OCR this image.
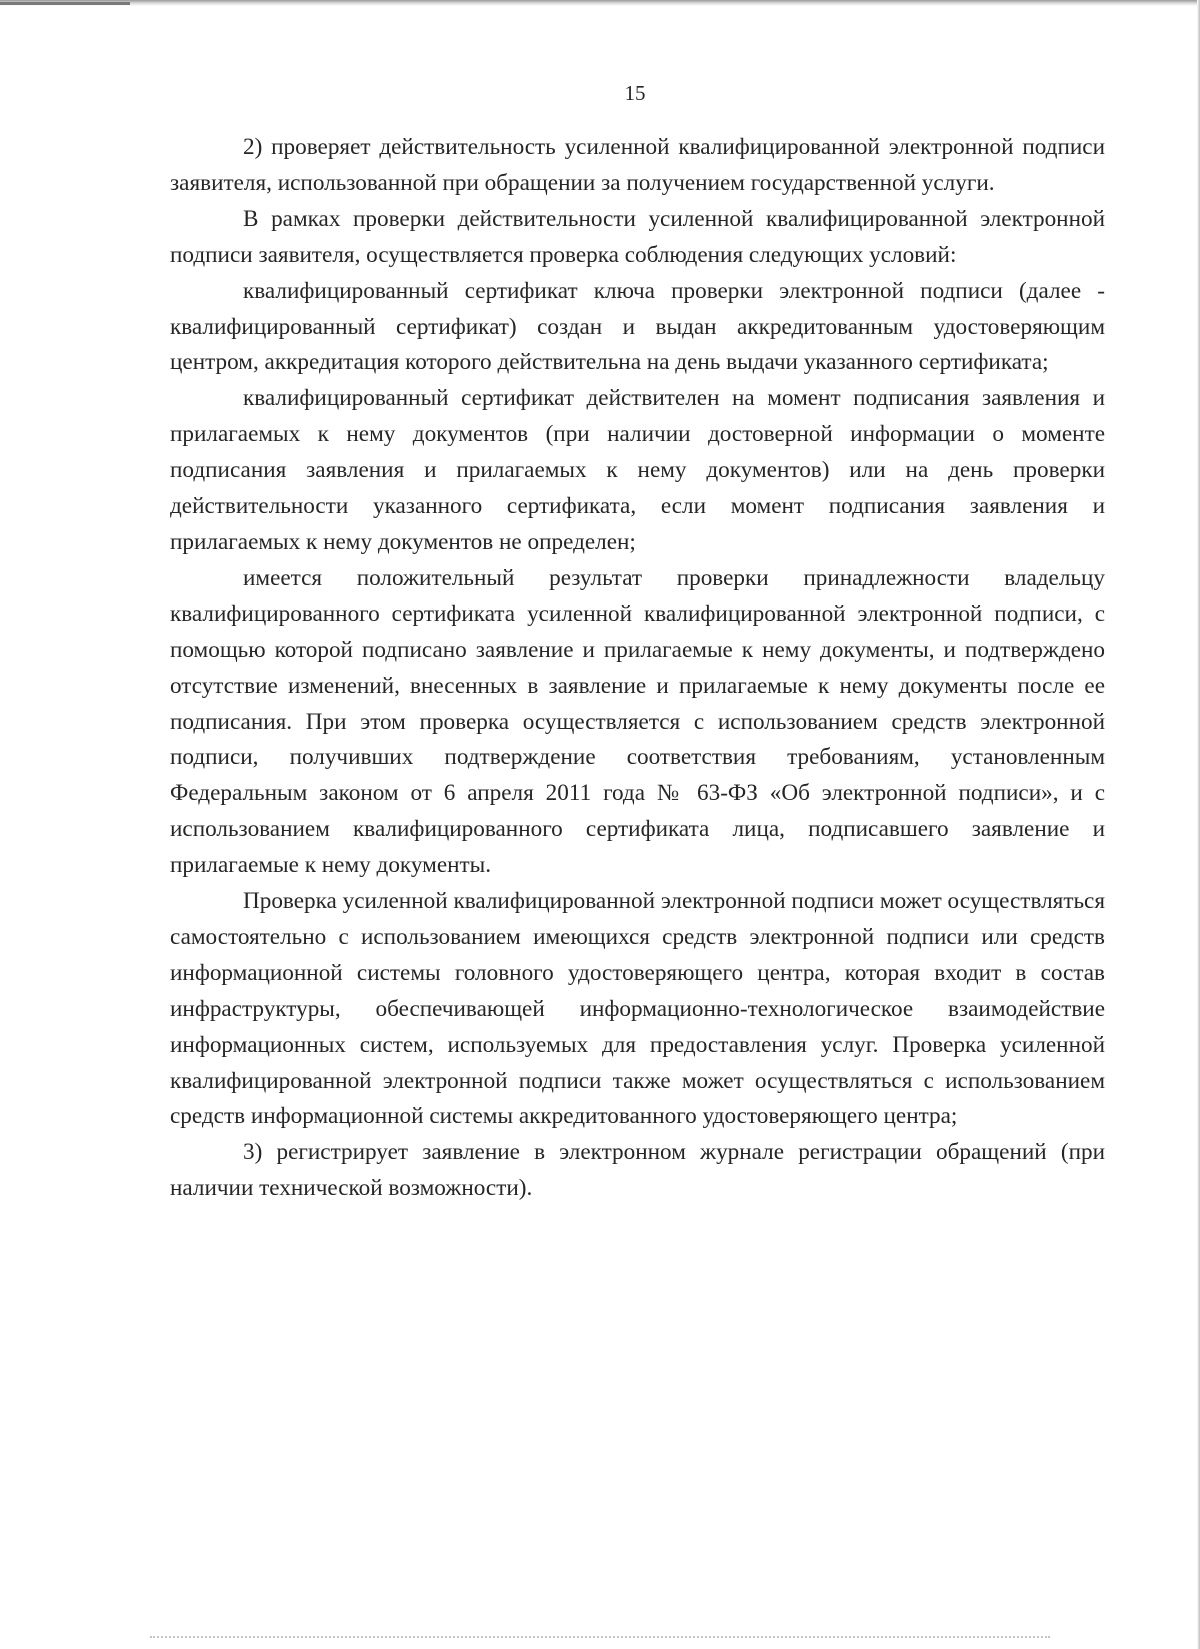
15

2) проверяет действительность усиленной квалифицированной электронной подписи заявителя, использованной при обращении за получением государственной услуги.

В рамках проверки действительности усиленной квалифицированной электронной подписи заявителя, осуществляется проверка соблюдения следующих условий:

квалифицированный сертификат ключа проверки электронной подписи (далее - квалифицированный сертификат) создан и выдан аккредитованным удостоверяющим центром, аккредитация которого действительна на день выдачи указанного сертификата;

квалифицированный сертификат действителен на момент подписания заявления и прилагаемых к нему документов (при наличии достоверной информации о моменте подписания заявления и прилагаемых к нему документов) или на день проверки действительности указанного сертификата, если момент подписания заявления и прилагаемых к нему документов не определен;

имеется положительный результат проверки принадлежности владельцу квалифицированного сертификата усиленной квалифицированной электронной подписи, с помощью которой подписано заявление и прилагаемые к нему документы, и подтверждено отсутствие изменений, внесенных в заявление и прилагаемые к нему документы после ее подписания. При этом проверка осуществляется с использованием средств электронной подписи, получивших подтверждение соответствия требованиям, установленным Федеральным законом от 6 апреля 2011 года № 63-ФЗ «Об электронной подписи», и с использованием квалифицированного сертификата лица, подписавшего заявление и прилагаемые к нему документы.

Проверка усиленной квалифицированной электронной подписи может осуществляться самостоятельно с использованием имеющихся средств электронной подписи или средств информационной системы головного удостоверяющего центра, которая входит в состав инфраструктуры, обеспечивающей информационно-технологическое взаимодействие информационных систем, используемых для предоставления услуг. Проверка усиленной квалифицированной электронной подписи также может осуществляться с использованием средств информационной системы аккредитованного удостоверяющего центра;

3) регистрирует заявление в электронном журнале регистрации обращений (при наличии технической возможности).
